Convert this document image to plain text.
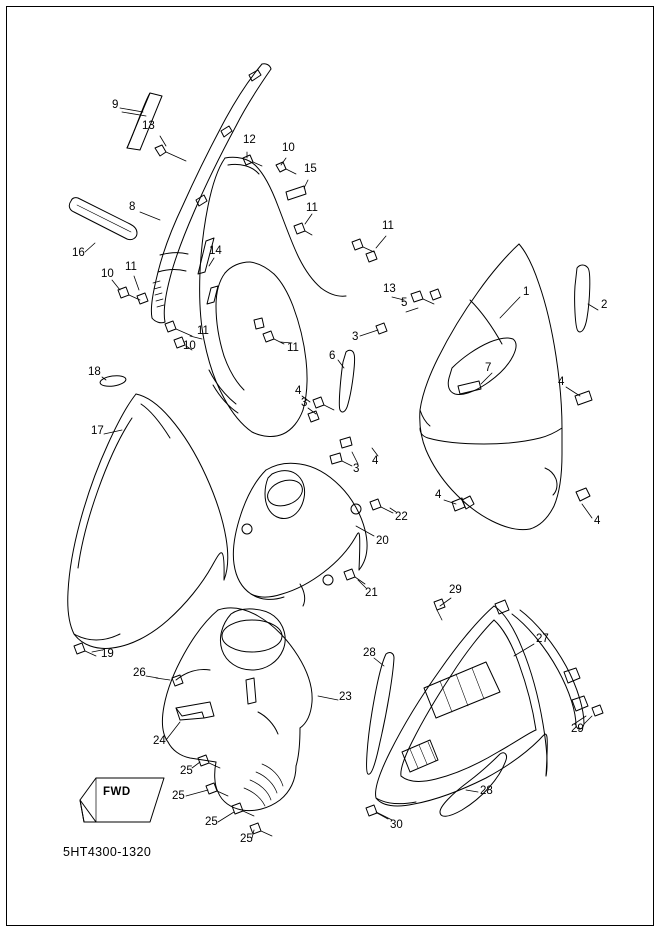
9
13
12
10
15
8	11
16	14
11
10
11
13
5
1
2
11
10	11
3
6
7
4
18
4
3
17
3
4
4
4
22
20
21	29
27
28
19
26
23
29
24
25
25	28
25	30
25
FWD
5HT4300-1320
